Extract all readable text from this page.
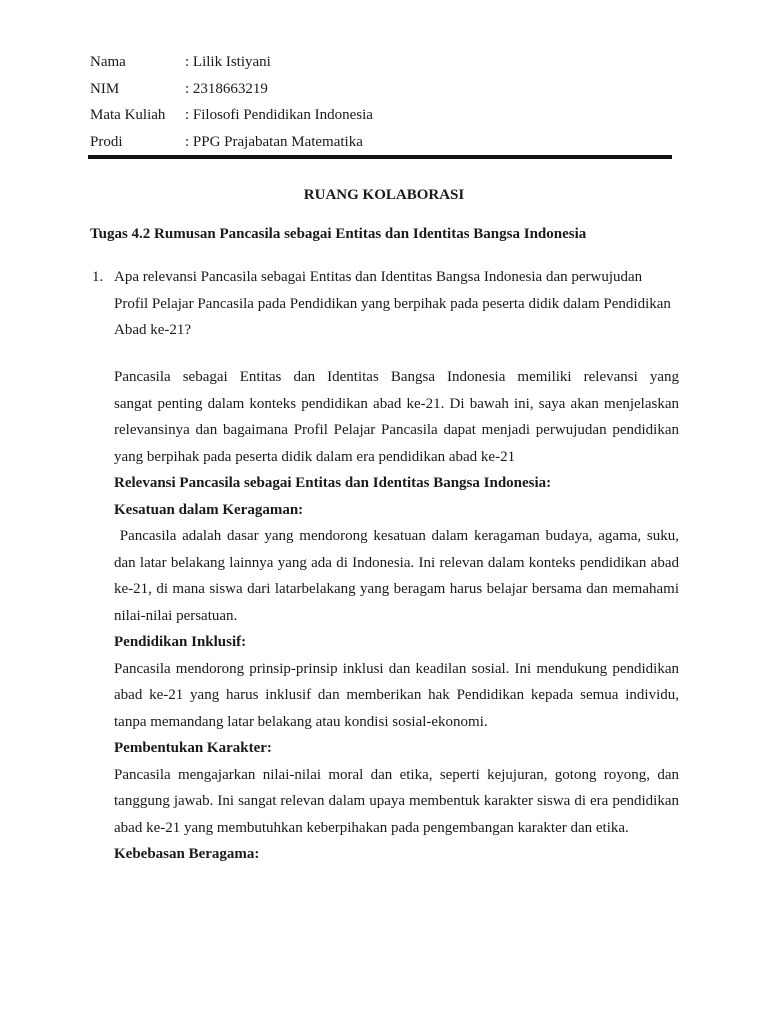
Nama	: Lilik Istiyani
NIM	: 2318663219
Mata Kuliah : Filosofi Pendidikan Indonesia
Prodi	: PPG Prajabatan Matematika
RUANG KOLABORASI
Tugas 4.2 Rumusan Pancasila sebagai Entitas dan Identitas Bangsa Indonesia
1. Apa relevansi Pancasila sebagai Entitas dan Identitas Bangsa Indonesia dan perwujudan
Profil Pelajar Pancasila pada Pendidikan yang berpihak pada peserta didik dalam Pendidikan
Abad ke-21?
Pancasila sebagai Entitas dan Identitas Bangsa Indonesia memiliki relevansi yang
sangat penting dalam konteks pendidikan abad ke-21. Di bawah ini, saya akan menjelaskan
relevansinya dan bagaimana Profil Pelajar Pancasila dapat menjadi perwujudan pendidikan
yang berpihak pada peserta didik dalam era pendidikan abad ke-21
Relevansi Pancasila sebagai Entitas dan Identitas Bangsa Indonesia:
Kesatuan dalam Keragaman:
Pancasila adalah dasar yang mendorong kesatuan dalam keragaman budaya, agama, suku,
dan latar belakang lainnya yang ada di Indonesia. Ini relevan dalam konteks pendidikan abad
ke-21, di mana siswa dari latarbelakang yang beragam harus belajar bersama dan memahami
nilai-nilai persatuan.
Pendidikan Inklusif:
Pancasila mendorong prinsip-prinsip inklusi dan keadilan sosial. Ini mendukung pendidikan
abad ke-21 yang harus inklusif dan memberikan hak Pendidikan kepada semua individu,
tanpa memandang latar belakang atau kondisi sosial-ekonomi.
Pembentukan Karakter:
Pancasila mengajarkan nilai-nilai moral dan etika, seperti kejujuran, gotong royong, dan
tanggung jawab. Ini sangat relevan dalam upaya membentuk karakter siswa di era pendidikan
abad ke-21 yang membutuhkan keberpihakan pada pengembangan karakter dan etika.
Kebebasan Beragama:
